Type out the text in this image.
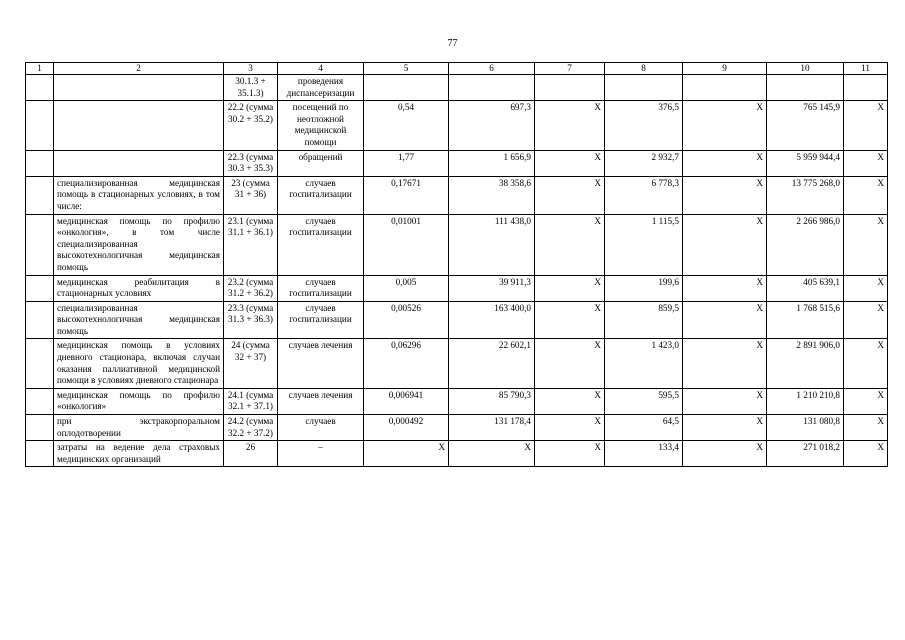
77
1	2	3	4	5	6	7	8	9	10	11
		30.1.3 + 35.1.3)	проведения диспансеризации							
		22.2 (сумма 30.2 + 35.2)	посещений по неотложной медицинской помощи	0,54	697,3	Х	376,5	Х	765 145,9	Х
		22.3 (сумма 30.3 + 35.3)	обращений	1,77	1 656,9	Х	2 932,7	Х	5 959 944,4	Х
	специализированная медицинская помощь в стационарных условиях, в том числе:	23 (сумма 31 + 36)	случаев госпитализации	0,17671	38 358,6	Х	6 778,3	Х	13 775 268,0	Х
	медицинская помощь по профилю «онкология», в том числе специализированная высокотехнологичная медицинская помощь	23.1 (сумма 31.1 + 36.1)	случаев госпитализации	0,01001	111 438,0	Х	1 115,5	Х	2 266 986,0	Х
	медицинская реабилитация в стационарных условиях	23.2 (сумма 31.2 + 36.2)	случаев госпитализации	0,005	39 911,3	Х	199,6	Х	405 639,1	Х
	специализированная высокотехнологичная медицинская помощь	23.3 (сумма 31.3 + 36.3)	случаев госпитализации	0,00526	163 400,0	Х	859,5	Х	1 768 515,6	Х
	медицинская помощь в условиях дневного стационара, включая случаи оказания паллиативной медицинской помощи в условиях дневного стационара	24 (сумма 32 + 37)	случаев лечения	0,06296	22 602,1	Х	1 423,0	Х	2 891 906,0	Х
	медицинская помощь по профилю «онкология»	24.1 (сумма 32.1 + 37.1)	случаев лечения	0,006941	85 790,3	Х	595,5	Х	1 210 210,8	Х
	при экстракорпоральном оплодотворении	24.2 (сумма 32.2 + 37.2)	случаев	0,000492	131 178,4	Х	64,5	Х	131 080,8	Х
	затраты на ведение дела страховых медицинских организаций	26	–	Х	Х	Х	133,4	Х	271 018,2	Х
